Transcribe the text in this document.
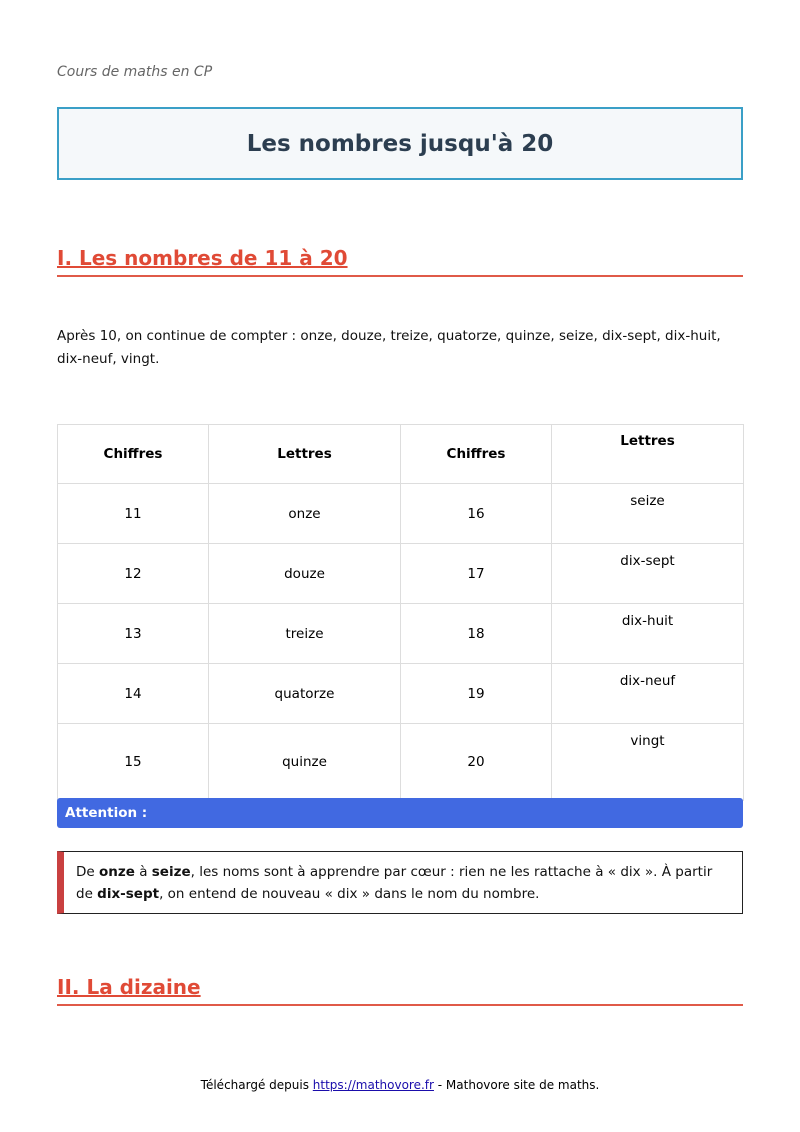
Cours de maths en CP
Les nombres jusqu'à 20
I. Les nombres de 11 à 20
Après 10, on continue de compter : onze, douze, treize, quatorze, quinze, seize, dix-sept, dix-huit, dix-neuf, vingt.
Chiffres	Lettres	Chiffres	Lettres
11	onze	16	seize
12	douze	17	dix-sept
13	treize	18	dix-huit
14	quatorze	19	dix-neuf
15	quinze	20	vingt
Attention :
De onze à seize, les noms sont à apprendre par cœur : rien ne les rattache à « dix ». À partir de dix-sept, on entend de nouveau « dix » dans le nom du nombre.
II. La dizaine
Téléchargé depuis https://mathovore.fr - Mathovore site de maths.
